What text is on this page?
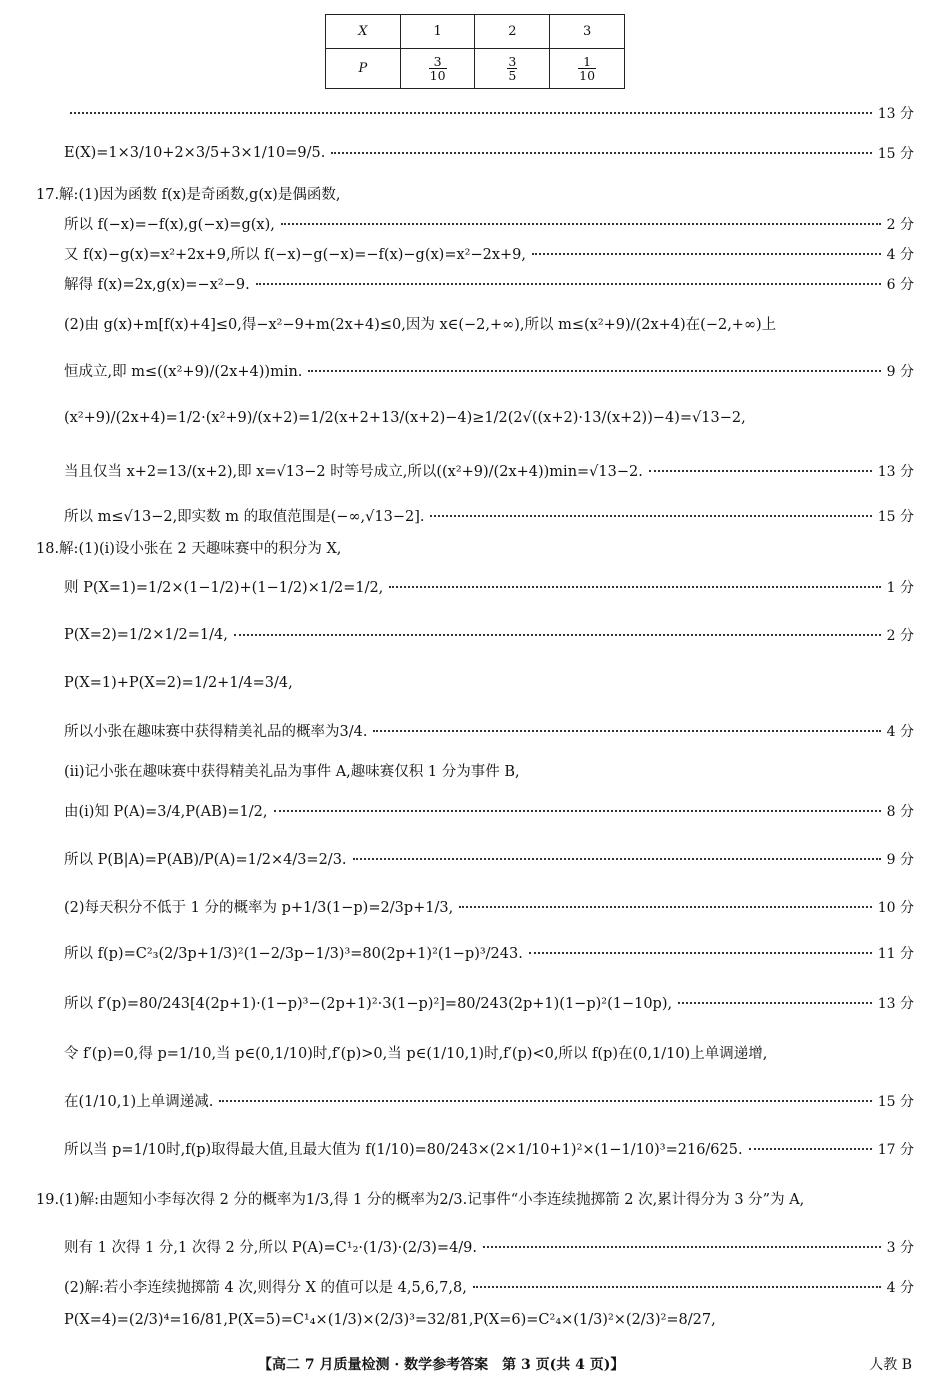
X	1	2	3
P	$\frac{3}{10}$	$\frac{3}{5}$	$\frac{1}{10}$
13 分
E(X)=1×3/10+2×3/5+3×1/10=9/5.	15 分
17.解:(1)因为函数 f(x)是奇函数,g(x)是偶函数,
所以 f(−x)=−f(x),g(−x)=g(x),	2 分
又 f(x)−g(x)=x²+2x+9,所以 f(−x)−g(−x)=−f(x)−g(x)=x²−2x+9,	4 分
解得 f(x)=2x,g(x)=−x²−9.	6 分
(2)由 g(x)+m[f(x)+4]≤0,得−x²−9+m(2x+4)≤0,因为 x∈(−2,+∞),所以 m≤(x²+9)/(2x+4)在(−2,+∞)上
恒成立,即 m≤((x²+9)/(2x+4))min.	9 分
(x²+9)/(2x+4)=1/2·(x²+9)/(x+2)=1/2(x+2+13/(x+2)−4)≥1/2(2√((x+2)·13/(x+2))−4)=√13−2,
当且仅当 x+2=13/(x+2),即 x=√13−2 时等号成立,所以((x²+9)/(2x+4))min=√13−2.	13 分
所以 m≤√13−2,即实数 m 的取值范围是(−∞,√13−2].	15 分
18.解:(1)(ⅰ)设小张在 2 天趣味赛中的积分为 X,
则 P(X=1)=1/2×(1−1/2)+(1−1/2)×1/2=1/2,	1 分
P(X=2)=1/2×1/2=1/4,	2 分
P(X=1)+P(X=2)=1/2+1/4=3/4,
所以小张在趣味赛中获得精美礼品的概率为3/4.	4 分
(ⅱ)记小张在趣味赛中获得精美礼品为事件 A,趣味赛仅积 1 分为事件 B,
由(ⅰ)知 P(A)=3/4,P(AB)=1/2,	8 分
所以 P(B|A)=P(AB)/P(A)=1/2×4/3=2/3.	9 分
(2)每天积分不低于 1 分的概率为 p+1/3(1−p)=2/3p+1/3,	10 分
所以 f(p)=C²₃(2/3p+1/3)²(1−2/3p−1/3)³=80(2p+1)²(1−p)³/243.	11 分
所以 f′(p)=80/243[4(2p+1)·(1−p)³−(2p+1)²·3(1−p)²]=80/243(2p+1)(1−p)²(1−10p),	13 分
令 f′(p)=0,得 p=1/10,当 p∈(0,1/10)时,f′(p)>0,当 p∈(1/10,1)时,f′(p)<0,所以 f(p)在(0,1/10)上单调递增,
在(1/10,1)上单调递减.	15 分
所以当 p=1/10时,f(p)取得最大值,且最大值为 f(1/10)=80/243×(2×1/10+1)²×(1−1/10)³=216/625.	17 分
19.(1)解:由题知小李每次得 2 分的概率为1/3,得 1 分的概率为2/3.记事件“小李连续抛掷箭 2 次,累计得分为 3 分”为 A,
则有 1 次得 1 分,1 次得 2 分,所以 P(A)=C¹₂·(1/3)·(2/3)=4/9.	3 分
(2)解:若小李连续抛掷箭 4 次,则得分 X 的值可以是 4,5,6,7,8,	4 分
P(X=4)=(2/3)⁴=16/81,P(X=5)=C¹₄×(1/3)×(2/3)³=32/81,P(X=6)=C²₄×(1/3)²×(2/3)²=8/27,
【高二 7 月质量检测 · 数学参考答案　第 3 页(共 4 页)】	人教 B
